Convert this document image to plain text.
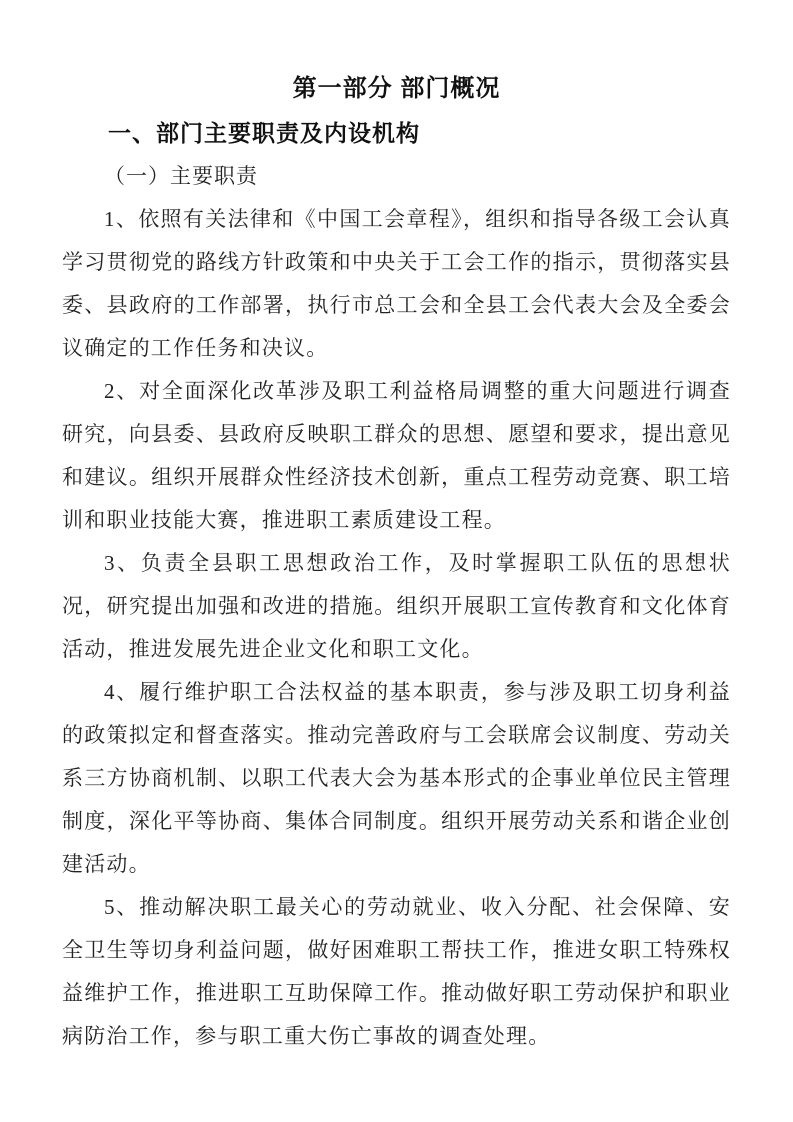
第一部分 部门概况
一、部门主要职责及内设机构
（一）主要职责

1、依照有关法律和《中国工会章程》，组织和指导各级工会认真学习贯彻党的路线方针政策和中央关于工会工作的指示，贯彻落实县委、县政府的工作部署，执行市总工会和全县工会代表大会及全委会议确定的工作任务和决议。

2、对全面深化改革涉及职工利益格局调整的重大问题进行调查研究，向县委、县政府反映职工群众的思想、愿望和要求，提出意见和建议。组织开展群众性经济技术创新，重点工程劳动竞赛、职工培训和职业技能大赛，推进职工素质建设工程。

3、负责全县职工思想政治工作，及时掌握职工队伍的思想状况，研究提出加强和改进的措施。组织开展职工宣传教育和文化体育活动，推进发展先进企业文化和职工文化。

4、履行维护职工合法权益的基本职责，参与涉及职工切身利益的政策拟定和督查落实。推动完善政府与工会联席会议制度、劳动关系三方协商机制、以职工代表大会为基本形式的企事业单位民主管理制度，深化平等协商、集体合同制度。组织开展劳动关系和谐企业创建活动。

5、推动解决职工最关心的劳动就业、收入分配、社会保障、安全卫生等切身利益问题，做好困难职工帮扶工作，推进女职工特殊权益维护工作，推进职工互助保障工作。推动做好职工劳动保护和职业病防治工作，参与职工重大伤亡事故的调查处理。
